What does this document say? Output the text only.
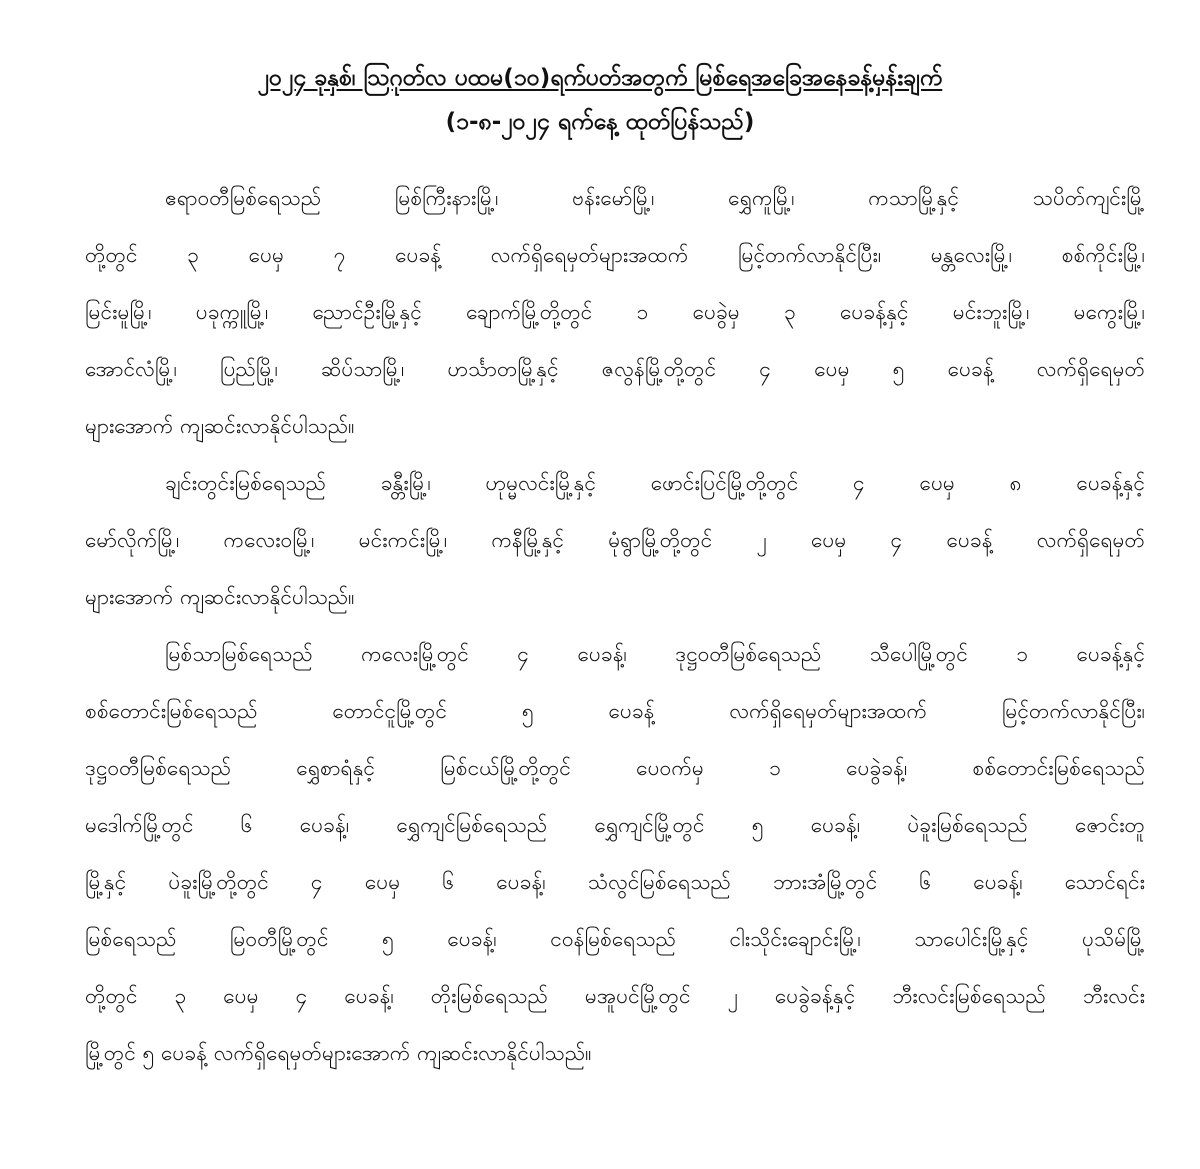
၂၀၂၄ ခုနှစ်၊ ဩဂုတ်လ ပထမ(၁၀)ရက်ပတ်အတွက် မြစ်ရေအခြေအနေခန့်မှန်းချက်
(၁-၈-၂၀၂၄ ရက်နေ့ ထုတ်ပြန်သည်)
ဧရာဝတီမြစ်ရေသည် မြစ်ကြီးနားမြို့၊ ဗန်းမော်မြို့၊ ရွှေကူမြို့၊ ကသာမြို့နှင့် သပိတ်ကျင်းမြို့
တို့တွင် ၃ ပေမှ ၇ ပေခန့် လက်ရှိရေမှတ်များအထက် မြင့်တက်လာနိုင်ပြီး၊ မန္တလေးမြို့၊ စစ်ကိုင်းမြို့၊
မြင်းမူမြို့၊ ပခုက္ကူမြို့၊ ညောင်ဦးမြို့နှင့် ချောက်မြို့တို့တွင် ၁ ပေခွဲမှ ၃ ပေခန့်နှင့် မင်းဘူးမြို့၊ မကွေးမြို့၊
အောင်လံမြို့၊ ပြည်မြို့၊ ဆိပ်သာမြို့၊ ဟင်္သာတမြို့နှင့် ဇလွန်မြို့တို့တွင် ၄ ပေမှ ၅ ပေခန့် လက်ရှိရေမှတ်
များအောက် ကျဆင်းလာနိုင်ပါသည်။
ချင်းတွင်းမြစ်ရေသည် ခန္တီးမြို့၊ ဟုမ္မလင်းမြို့နှင့် ဖောင်းပြင်မြို့တို့တွင် ၄ ပေမှ ၈ ပေခန့်နှင့်
မော်လိုက်မြို့၊ ကလေးဝမြို့၊ မင်းကင်းမြို့၊ ကနီမြို့နှင့် မုံရွာမြို့တို့တွင် ၂ ပေမှ ၄ ပေခန့် လက်ရှိရေမှတ်
များအောက် ကျဆင်းလာနိုင်ပါသည်။
မြစ်သာမြစ်ရေသည် ကလေးမြို့တွင် ၄ ပေခန့်၊ ဒုဋ္ဌဝတီမြစ်ရေသည် သီပေါမြို့တွင် ၁ ပေခန့်နှင့်
စစ်တောင်းမြစ်ရေသည် တောင်ငူမြို့တွင် ၅ ပေခန့် လက်ရှိရေမှတ်များအထက် မြင့်တက်လာနိုင်ပြီး၊
ဒုဋ္ဌဝတီမြစ်ရေသည် ရွှေစာရံနှင့် မြစ်ငယ်မြို့တို့တွင် ပေဝက်မှ ၁ ပေခွဲခန့်၊ စစ်တောင်းမြစ်ရေသည်
မဒေါက်မြို့တွင် ၆ ပေခန့်၊ ရွှေကျင်မြစ်ရေသည် ရွှေကျင်မြို့တွင် ၅ ပေခန့်၊ ပဲခူးမြစ်ရေသည် ဇောင်းတူ
မြို့နှင့် ပဲခူးမြို့တို့တွင် ၄ ပေမှ ၆ ပေခန့်၊ သံလွင်မြစ်ရေသည် ဘားအံမြို့တွင် ၆ ပေခန့်၊ သောင်ရင်း
မြစ်ရေသည် မြဝတီမြို့တွင် ၅ ပေခန့်၊ ငဝန်မြစ်ရေသည် ငါးသိုင်းချောင်းမြို့၊ သာပေါင်းမြို့နှင့် ပုသိမ်မြို့
တို့တွင် ၃ ပေမှ ၄ ပေခန့်၊ တိုးမြစ်ရေသည် မအူပင်မြို့တွင် ၂ ပေခွဲခန့်နှင့် ဘီးလင်းမြစ်ရေသည် ဘီးလင်း
မြို့တွင် ၅ ပေခန့် လက်ရှိရေမှတ်များအောက် ကျဆင်းလာနိုင်ပါသည်။
